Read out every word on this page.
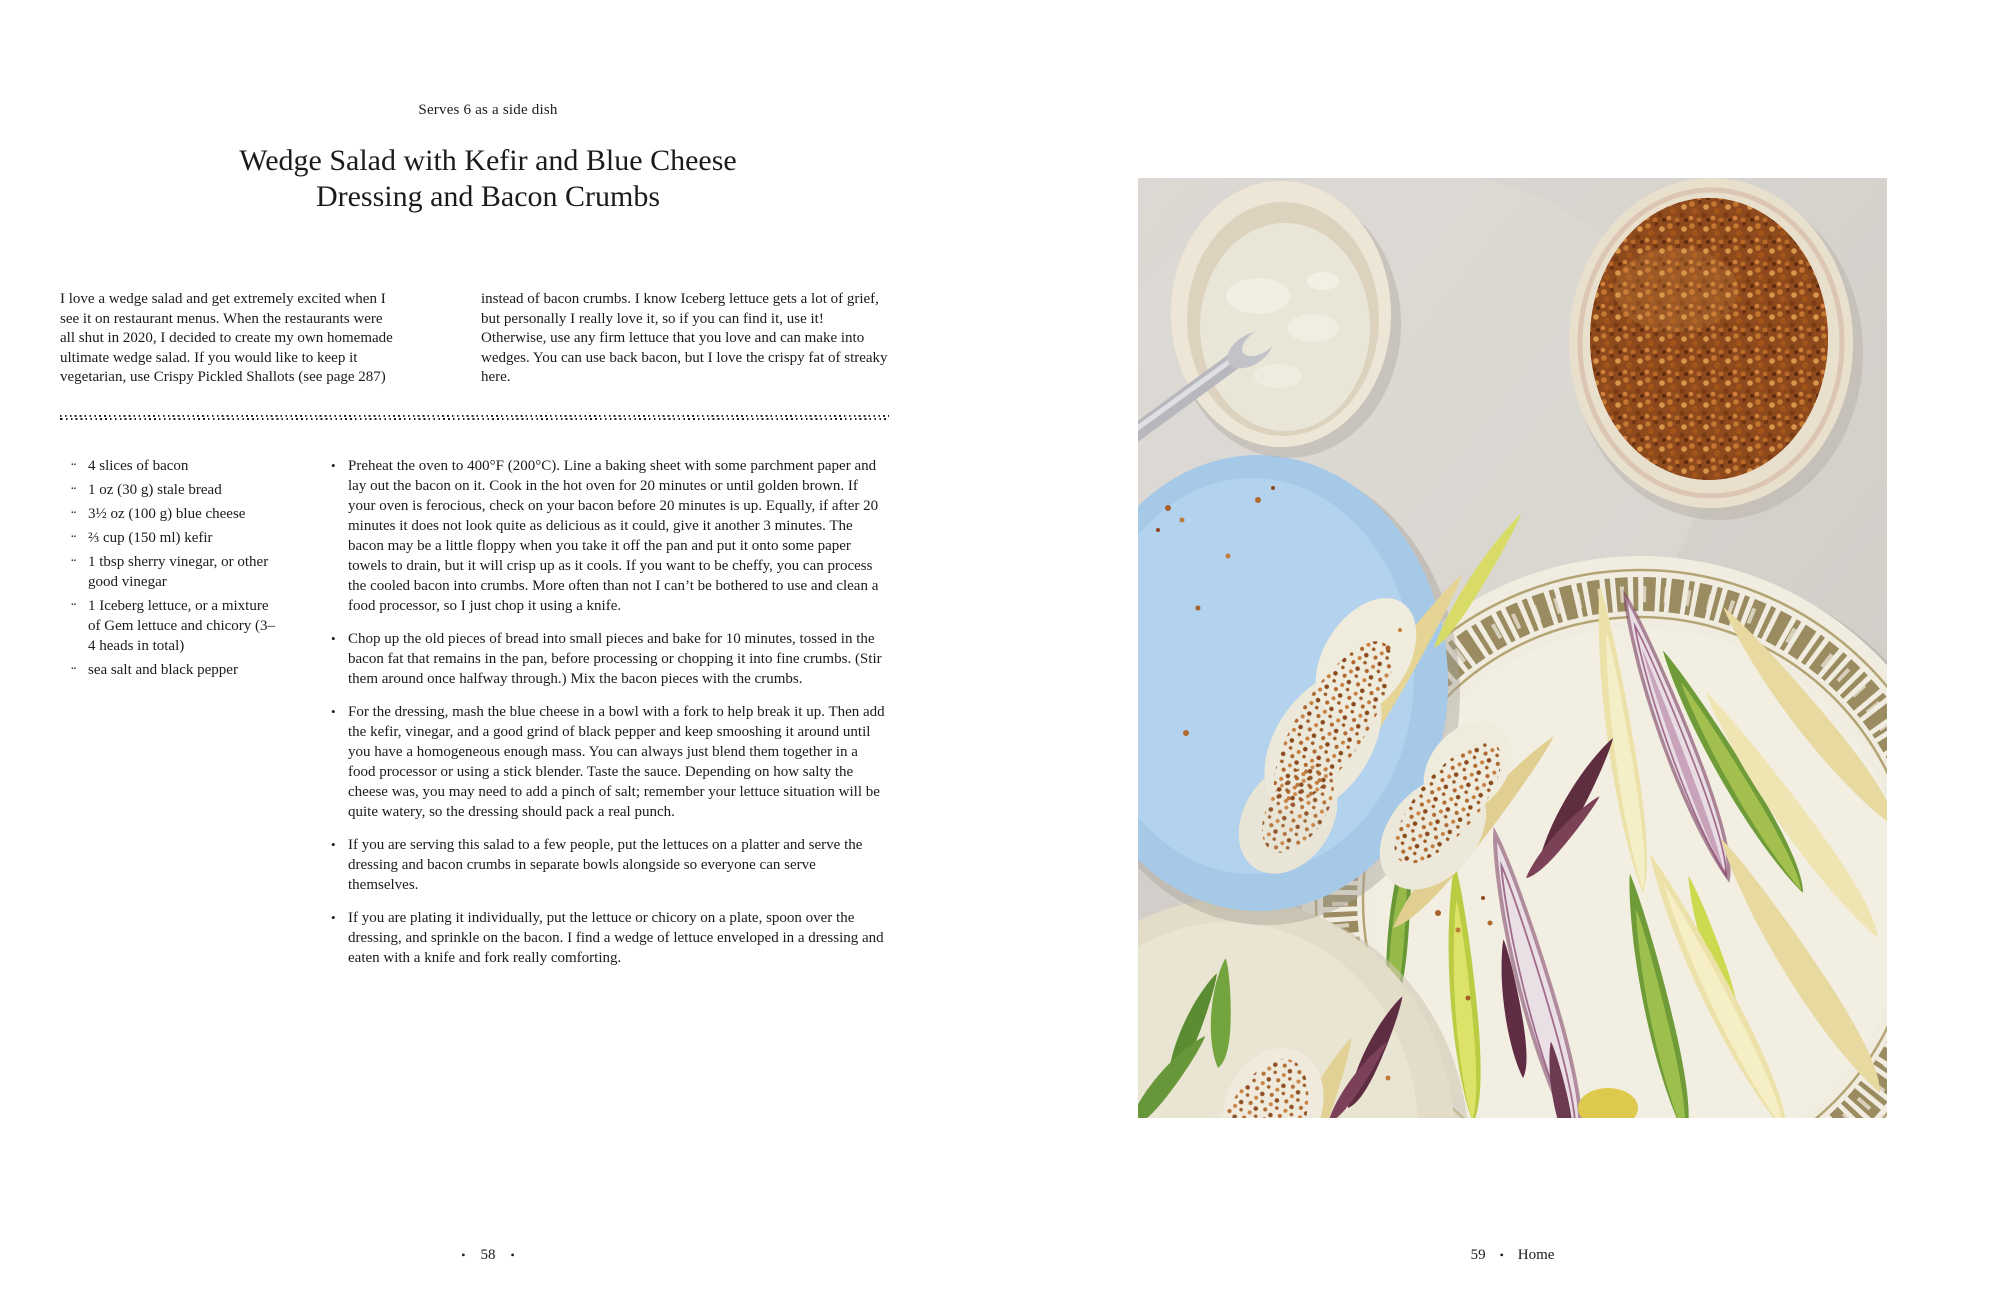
Serves 6 as a side dish
Wedge Salad with Kefir and Blue Cheese
Dressing and Bacon Crumbs

I love a wedge salad and get extremely excited when I see it on restaurant menus. When the restaurants were all shut in 2020, I decided to create my own homemade ultimate wedge salad. If you would like to keep it vegetarian, use Crispy Pickled Shallots (see page 287)

instead of bacon crumbs. I know Iceberg lettuce gets a lot of grief, but personally I really love it, so if you can find it, use it! Otherwise, use any firm lettuce that you love and can make into wedges. You can use back bacon, but I love the crispy fat of streaky here.

·· 4 slices of bacon
·· 1 oz (30 g) stale bread
·· 3½ oz (100 g) blue cheese
·· ⅔ cup (150 ml) kefir
·· 1 tbsp sherry vinegar, or other good vinegar
·· 1 Iceberg lettuce, or a mixture of Gem lettuce and chicory (3–4 heads in total)
·· sea salt and black pepper
• Preheat the oven to 400°F (200°C). Line a baking sheet with some parchment paper and lay out the bacon on it. Cook in the hot oven for 20 minutes or until golden brown. If your oven is ferocious, check on your bacon before 20 minutes is up. Equally, if after 20 minutes it does not look quite as delicious as it could, give it another 3 minutes. The bacon may be a little floppy when you take it off the pan and put it onto some paper towels to drain, but it will crisp up as it cools. If you want to be cheffy, you can process the cooled bacon into crumbs. More often than not I can’t be bothered to use and clean a food processor, so I just chop it using a knife.
• Chop up the old pieces of bread into small pieces and bake for 10 minutes, tossed in the bacon fat that remains in the pan, before processing or chopping it into fine crumbs. (Stir them around once halfway through.) Mix the bacon pieces with the crumbs.
• For the dressing, mash the blue cheese in a bowl with a fork to help break it up. Then add the kefir, vinegar, and a good grind of black pepper and keep smooshing it around until you have a homogeneous enough mass. You can always just blend them together in a food processor or using a stick blender. Taste the sauce. Depending on how salty the cheese was, you may need to add a pinch of salt; remember your lettuce situation will be quite watery, so the dressing should pack a real punch.
• If you are serving this salad to a few people, put the lettuces on a platter and serve the dressing and bacon crumbs in separate bowls alongside so everyone can serve themselves.
• If you are plating it individually, put the lettuce or chicory on a plate, spoon over the dressing, and sprinkle on the bacon. I find a wedge of lettuce enveloped in a dressing and eaten with a knife and fork really comforting.
• 58 •	59 • Home
